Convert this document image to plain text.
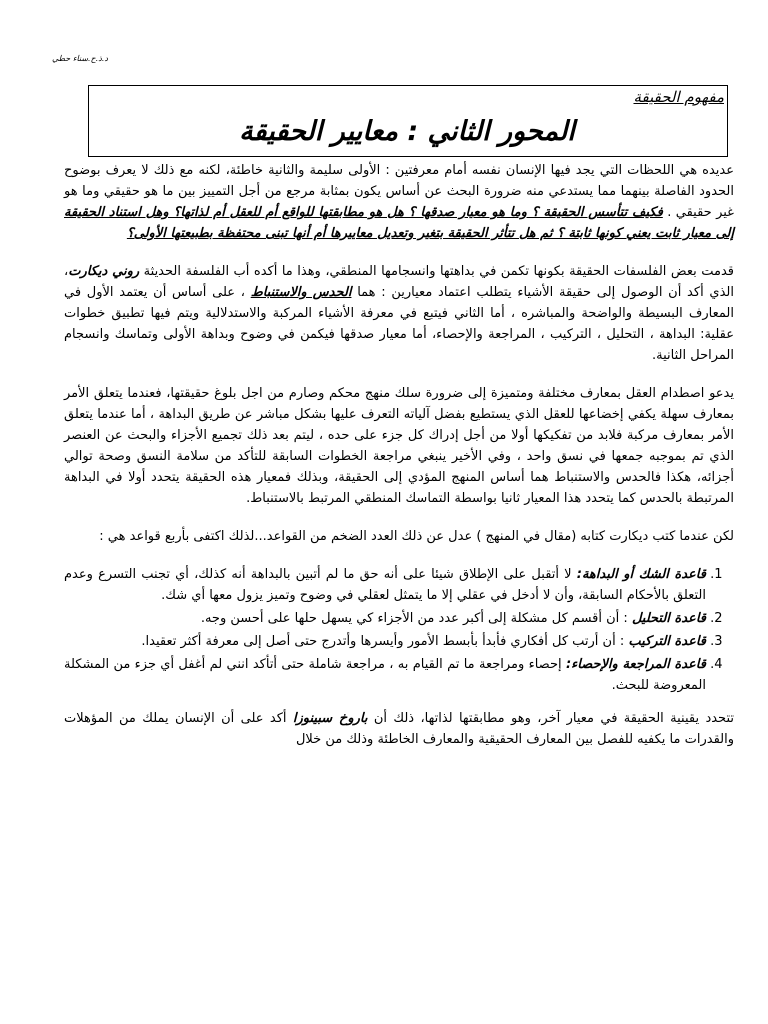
د.ذ.ح.سناء حطي
مفهوم الحقيقة
المحور الثاني : معايير الحقيقة

عديده هي اللحظات التي يجد فيها الإنسان نفسه أمام معرفتين : الأولى سليمة والثانية خاطئة، لكنه مع ذلك لا يعرف بوضوح الحدود الفاصلة بينهما مما يستدعي منه ضرورة البحث عن أساس يكون بمثابة مرجع من أجل التمييز بين ما هو حقيقي وما هو غير حقيقي . فكيف تتأسس الحقيقة ؟ وما هو معيار صدقها ؟ هل هو مطابقتها للواقع أم للعقل أم لذاتها؟ وهل استناد الحقيقة إلى معيار ثابت يعني كونها ثابتة ؟ ثم هل تتأثر الحقيقة بتغير وتعديل معاييرها أم أنها تبنى محتفظة بطبيعتها الأولى؟

قدمت بعض الفلسفات الحقيقة بكونها تكمن في بداهتها وانسجامها المنطقي، وهذا ما أكده أب الفلسفة الحديثة روني ديكارت، الذي أكد أن الوصول إلى حقيقة الأشياء يتطلب اعتماد معيارين : هما الحدس والاستنباط ، على أساس أن يعتمد الأول في المعارف البسيطة والواضحة والمباشره ، أما الثاني فيتبع في معرفة الأشياء المركبة والاستدلالية ويتم فيها تطبيق خطوات عقلية: البداهة ، التحليل ، التركيب ، المراجعة والإحصاء، أما معيار صدقها فيكمن في وضوح وبداهة الأولى وتماسك وانسجام المراحل الثانية.

يدعو اصطدام العقل بمعارف مختلفة ومتميزة إلى ضرورة سلك منهج محكم وصارم من اجل بلوغ حقيقتها، فعندما يتعلق الأمر بمعارف سهلة يكفي إخضاعها للعقل الذي يستطيع بفضل آلياته التعرف عليها بشكل مباشر عن طريق البداهة ، أما عندما يتعلق الأمر بمعارف مركبة فلابد من تفكيكها أولا من أجل إدراك كل جزء على حده ، ليتم بعد ذلك تجميع الأجزاء والبحث عن العنصر الذي تم بموجبه جمعها في نسق واحد ، وفي الأخير ينبغي مراجعة الخطوات السابقة للتأكد من سلامة النسق وصحة توالي أجزائه، هكذا فالحدس والاستنباط هما أساس المنهج المؤدي إلى الحقيقة، وبذلك فمعيار هذه الحقيقة يتحدد أولا في البداهة المرتبطة بالحدس كما يتحدد هذا المعيار ثانيا بواسطة التماسك المنطقي المرتبط بالاستنباط.

لكن عندما كتب ديكارت كتابه (مقال في المنهج ) عدل عن ذلك العدد الضخم من القواعد...لذلك اكتفى بأربع قواعد هي :

1. قاعدة الشك أو البداهة: لا أتقبل على الإطلاق شيئا على أنه حق ما لم أتبين بالبداهة أنه كذلك، أي تجنب التسرع وعدم التعلق بالأحكام السابقة، وأن لا أدخل في عقلي إلا ما يتمثل لعقلي في وضوح وتميز يزول معها أي شك.
2. قاعدة التحليل : أن أقسم كل مشكلة إلى أكبر عدد من الأجزاء كي يسهل حلها على أحسن وجه.
3. قاعدة التركيب : أن أرتب كل أفكاري فأبدأ بأبسط الأمور وأيسرها وأتدرج حتى أصل إلى معرفة أكثر تعقيدا.
4. قاعدة المراجعة والإحصاء: إحصاء ومراجعة ما تم القيام به ، مراجعة شاملة حتى أتأكد انني لم أغفل أي جزء من المشكلة المعروضة للبحث.

تتحدد يقينية الحقيقة في معيار آخر، وهو مطابقتها لذاتها، ذلك أن باروخ سبينوزا أكد على أن الإنسان يملك من المؤهلات والقدرات ما يكفيه للفصل بين المعارف الحقيقية والمعارف الخاطئة وذلك من خلال
